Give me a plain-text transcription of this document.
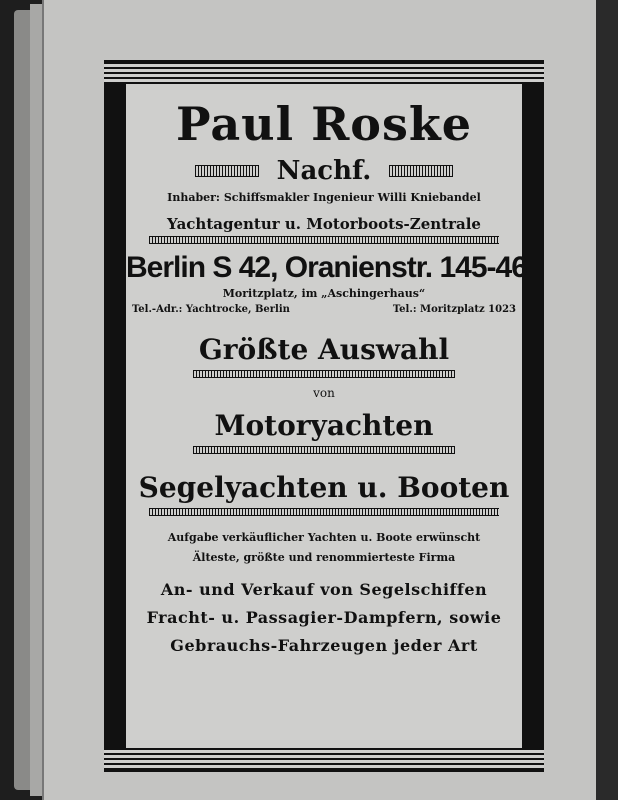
Paul Roske
Nachf.
Inhaber: Schiffsmakler Ingenieur Willi Kniebandel
Yachtagentur u. Motorboots-Zentrale
Berlin S 42, Oranienstr. 145-46
Moritzplatz, im „Aschingerhaus“
Tel.-Adr.: Yachtrocke, Berlin	Tel.: Moritzplatz 1023
Größte Auswahl
von
Motoryachten
Segelyachten u. Booten
Aufgabe verkäuflicher Yachten u. Boote erwünscht
Älteste, größte und renommierteste Firma
An- und Verkauf von Segelschiffen
Fracht- u. Passagier-Dampfern, sowie
Gebrauchs-Fahrzeugen jeder Art
